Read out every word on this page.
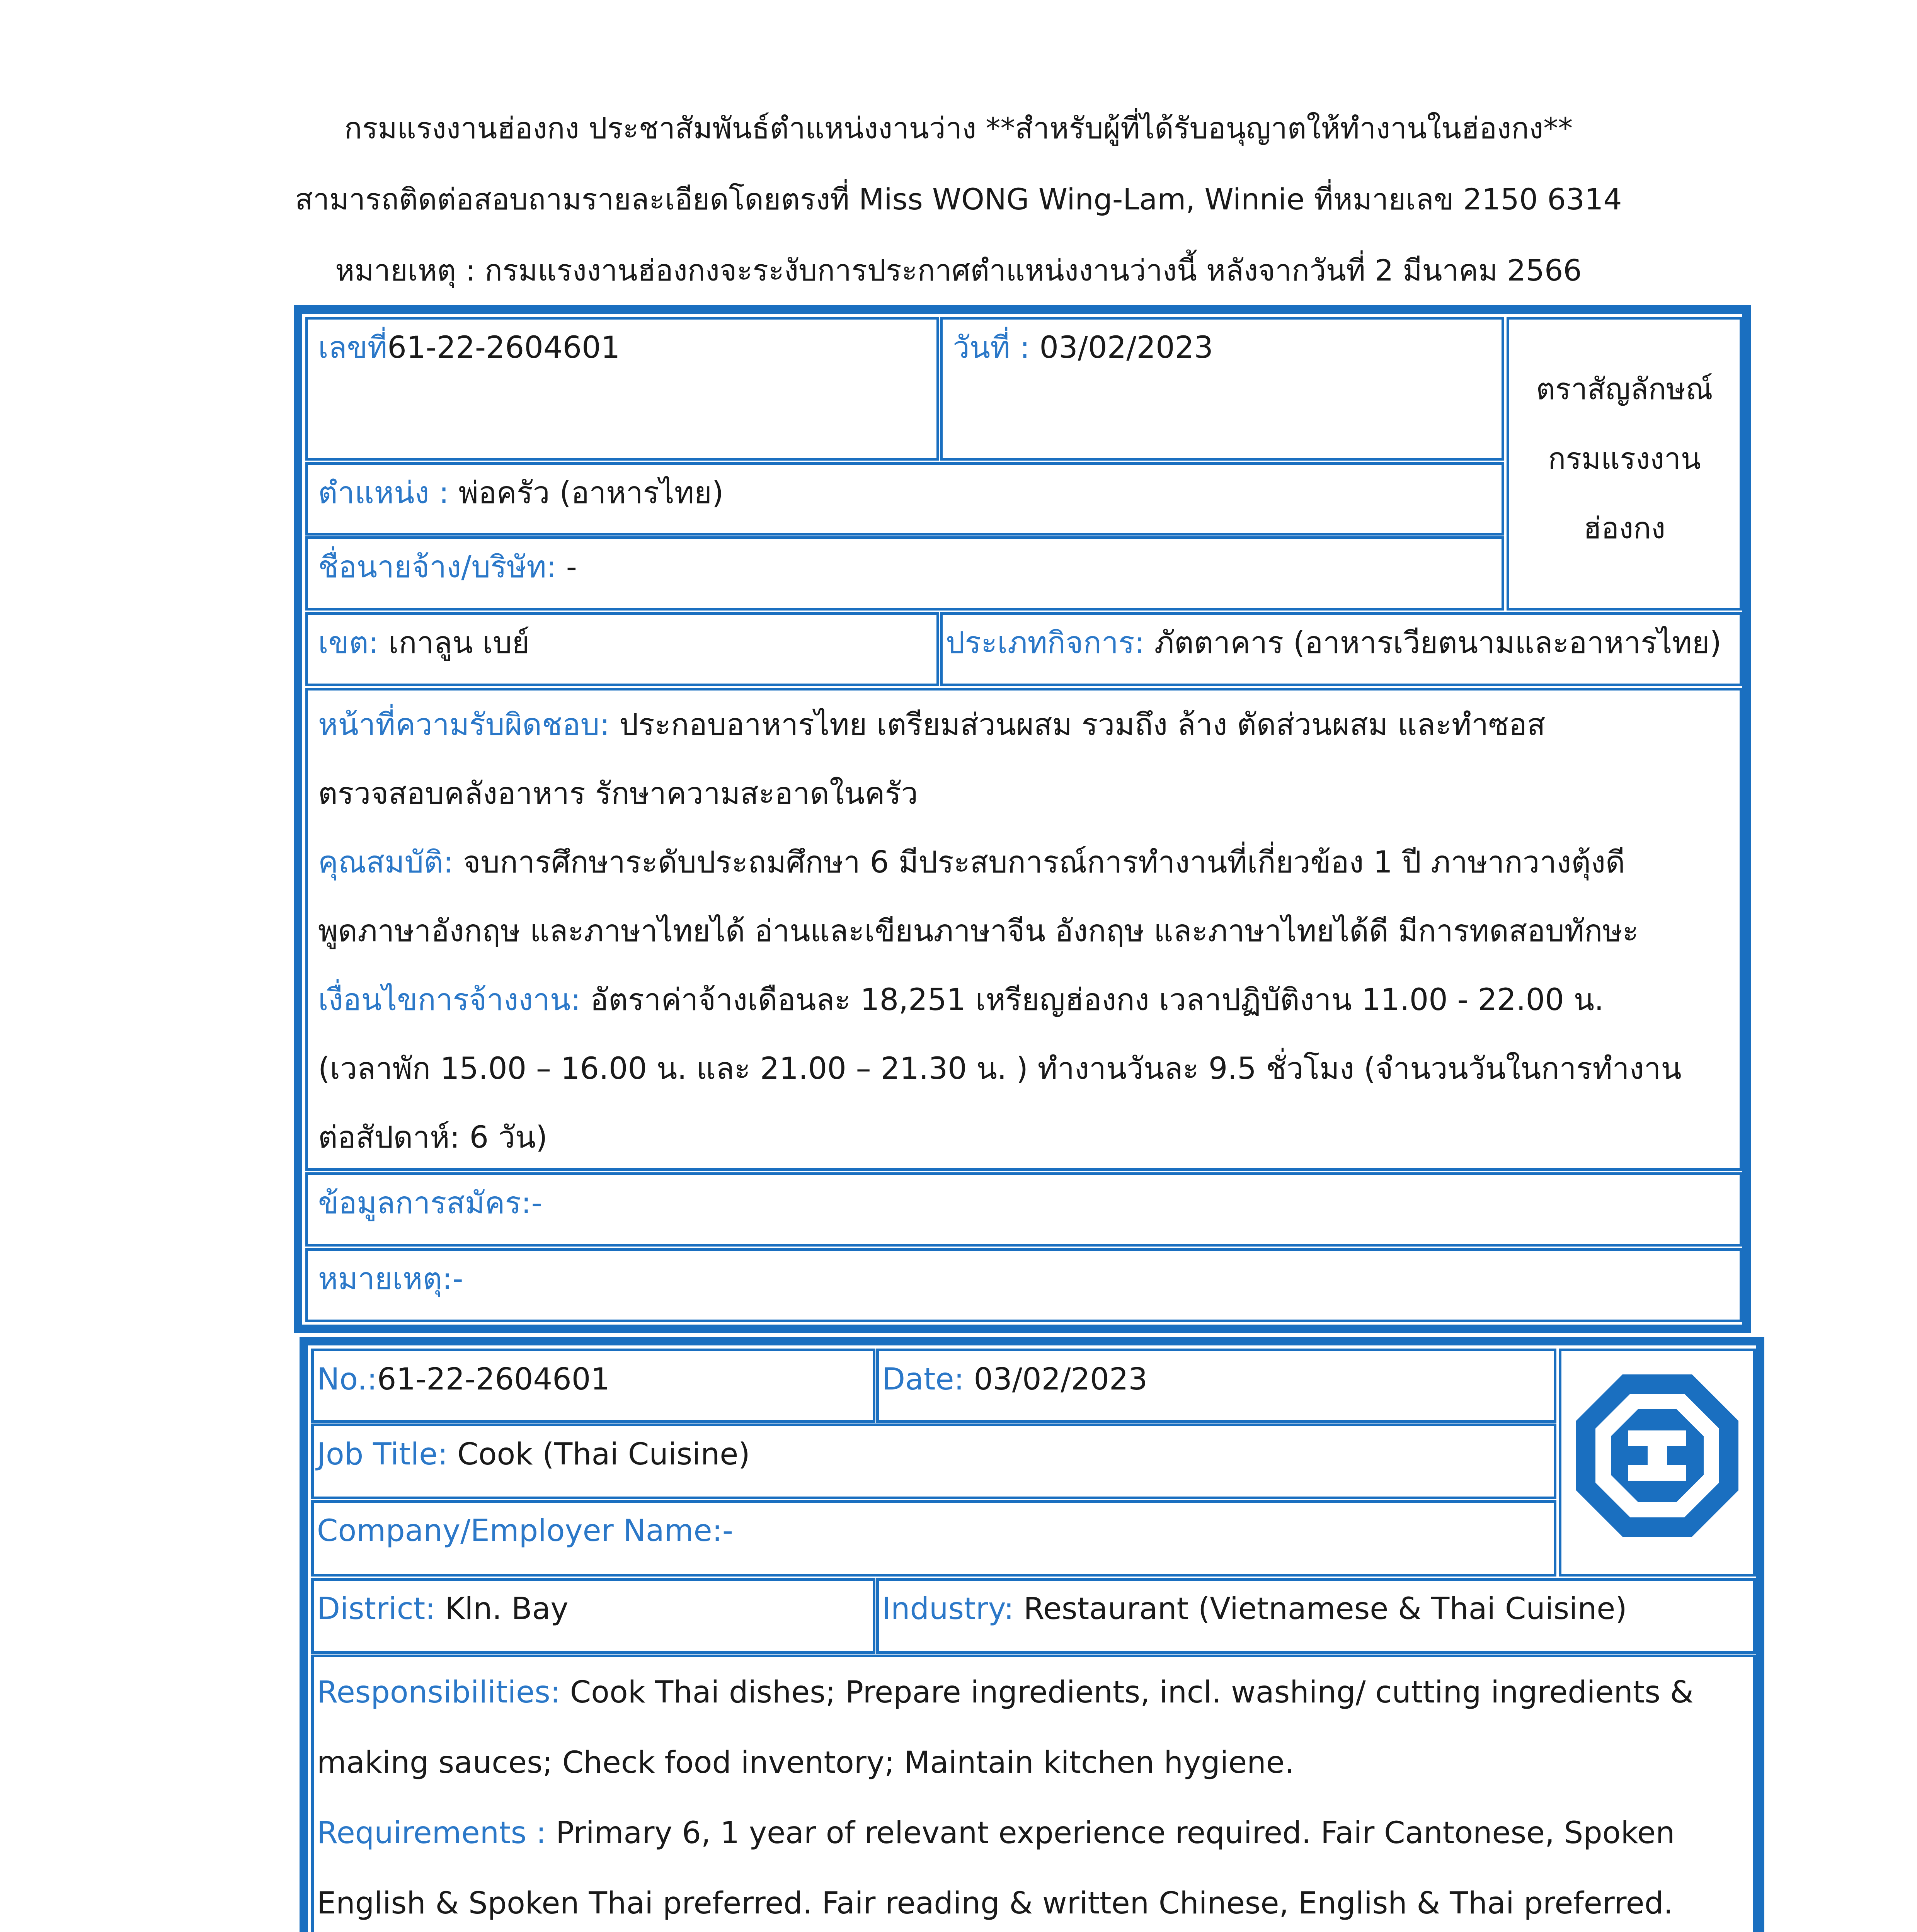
กรมแรงงานฮ่องกง ประชาสัมพันธ์ตำแหน่งงานว่าง **สำหรับผู้ที่ได้รับอนุญาตให้ทำงานในฮ่องกง**
สามารถติดต่อสอบถามรายละเอียดโดยตรงที่ Miss WONG Wing-Lam, Winnie ที่หมายเลข 2150 6314
หมายเหตุ : กรมแรงงานฮ่องกงจะระงับการประกาศตำแหน่งงานว่างนี้ หลังจากวันที่ 2 มีนาคม 2566
เลขที่61-22-2604601	วันที่ : 03/02/2023
ตราสัญลักษณ์
กรมแรงงาน
ฮ่องกง
ตำแหน่ง : พ่อครัว (อาหารไทย)
ชื่อนายจ้าง/บริษัท: -
เขต: เกาลูน เบย์	ประเภทกิจการ: ภัตตาคาร (อาหารเวียตนามและอาหารไทย)

หน้าที่ความรับผิดชอบ: ประกอบอาหารไทย เตรียมส่วนผสม รวมถึง ล้าง ตัดส่วนผสม และทำซอส

ตรวจสอบคลังอาหาร รักษาความสะอาดในครัว

คุณสมบัติ: จบการศึกษาระดับประถมศึกษา 6 มีประสบการณ์การทำงานที่เกี่ยวข้อง 1 ปี ภาษากวางตุ้งดี

พูดภาษาอังกฤษ และภาษาไทยได้ อ่านและเขียนภาษาจีน อังกฤษ และภาษาไทยได้ดี มีการทดสอบทักษะ

เงื่อนไขการจ้างงาน: อัตราค่าจ้างเดือนละ 18,251 เหรียญฮ่องกง เวลาปฏิบัติงาน 11.00 - 22.00 น.

(เวลาพัก 15.00 – 16.00 น. และ 21.00 – 21.30 น. ) ทำงานวันละ 9.5 ชั่วโมง (จำนวนวันในการทำงาน

ต่อสัปดาห์: 6 วัน)

ข้อมูลการสมัคร:-
หมายเหตุ:-
No.:61-22-2604601	Date: 03/02/2023
Job Title: Cook (Thai Cuisine)
Company/Employer Name:-
District: Kln. Bay	Industry: Restaurant (Vietnamese & Thai Cuisine)

Responsibilities: Cook Thai dishes; Prepare ingredients, incl. washing/ cutting ingredients &

making sauces; Check food inventory; Maintain kitchen hygiene.

Requirements : Primary 6, 1 year of relevant experience required. Fair Cantonese, Spoken

English & Spoken Thai preferred. Fair reading & written Chinese, English & Thai preferred.
